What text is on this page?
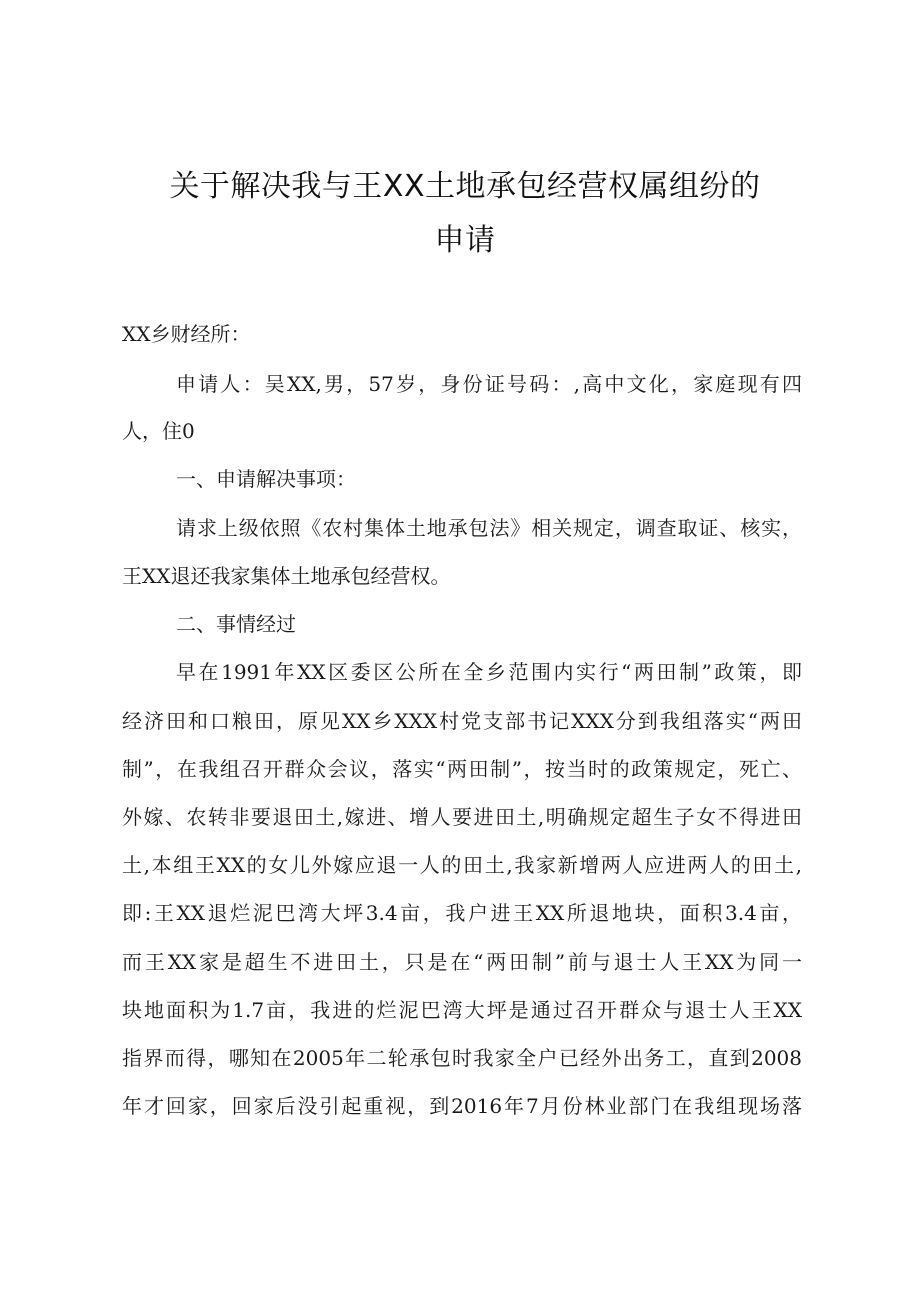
关于解决我与王XX土地承包经营权属组纷的
申请

XX乡财经所：

申请人：吴XX,男，57岁，身份证号码：,高中文化，家庭现有四

人，住0

一、申请解决事项：

请求上级依照《农村集体土地承包法》相关规定，调查取证、核实，

王XX退还我家集体土地承包经营权。

二、事情经过

早在1991年XX区委区公所在全乡范围内实行“两田制”政策，即

经济田和口粮田，原见XX乡XXX村党支部书记XXX分到我组落实“两田

制”，在我组召开群众会议，落实“两田制”，按当时的政策规定，死亡、

外嫁、农转非要退田土,嫁进、增人要进田土,明确规定超生子女不得进田

土,本组王XX的女儿外嫁应退一人的田土,我家新增两人应进两人的田土,

即:王XX退烂泥巴湾大坪3.4亩，我户进王XX所退地块，面积3.4亩，

而王XX家是超生不进田土，只是在“两田制”前与退士人王XX为同一

块地面积为1.7亩，我进的烂泥巴湾大坪是通过召开群众与退士人王XX

指界而得，哪知在2005年二轮承包时我家全户已经外出务工，直到2008

年才回家，回家后没引起重视，到2016年7月份林业部门在我组现场落
